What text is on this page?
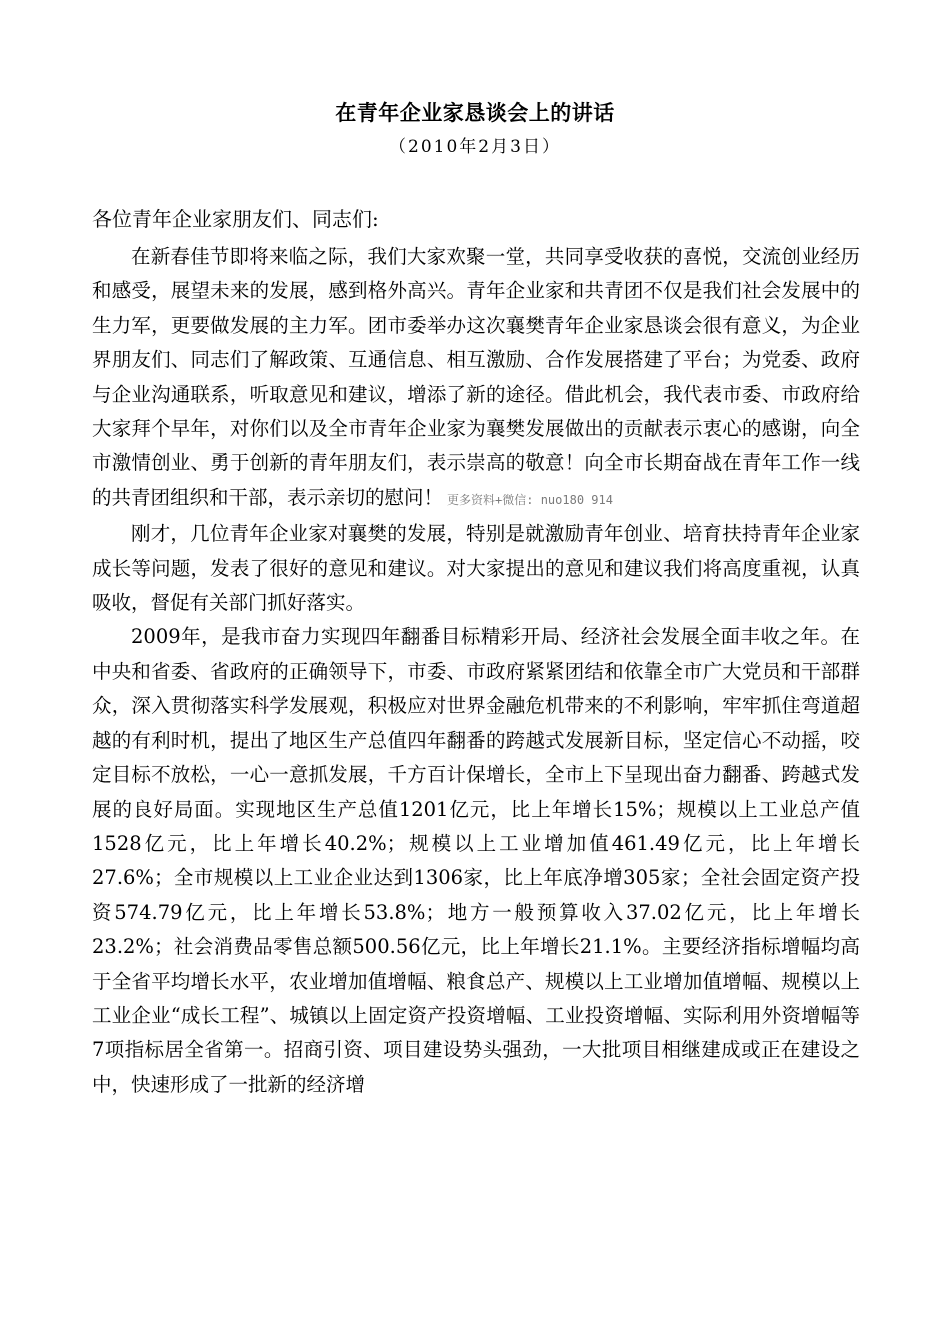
在青年企业家恳谈会上的讲话
（2010年2月3日）
各位青年企业家朋友们、同志们:

在新春佳节即将来临之际，我们大家欢聚一堂，共同享受收获的喜悦，交流创业经历和感受，展望未来的发展，感到格外高兴。青年企业家和共青团不仅是我们社会发展中的生力军，更要做发展的主力军。团市委举办这次襄樊青年企业家恳谈会很有意义，为企业界朋友们、同志们了解政策、互通信息、相互激励、合作发展搭建了平台；为党委、政府与企业沟通联系，听取意见和建议，增添了新的途径。借此机会，我代表市委、市政府给大家拜个早年，对你们以及全市青年企业家为襄樊发展做出的贡献表示衷心的感谢，向全市激情创业、勇于创新的青年朋友们，表示崇高的敬意！向全市长期奋战在青年工作一线的共青团组织和干部，表示亲切的慰问！ 更多资料+微信: nuo180 914

刚才，几位青年企业家对襄樊的发展，特别是就激励青年创业、培育扶持青年企业家成长等问题，发表了很好的意见和建议。对大家提出的意见和建议我们将高度重视，认真吸收，督促有关部门抓好落实。

2009年，是我市奋力实现四年翻番目标精彩开局、经济社会发展全面丰收之年。在中央和省委、省政府的正确领导下，市委、市政府紧紧团结和依靠全市广大党员和干部群众，深入贯彻落实科学发展观，积极应对世界金融危机带来的不利影响，牢牢抓住弯道超越的有利时机，提出了地区生产总值四年翻番的跨越式发展新目标，坚定信心不动摇，咬定目标不放松，一心一意抓发展，千方百计保增长，全市上下呈现出奋力翻番、跨越式发展的良好局面。实现地区生产总值1201亿元，比上年增长15%；规模以上工业总产值1528亿元，比上年增长40.2%；规模以上工业增加值461.49亿元，比上年增长27.6%；全市规模以上工业企业达到1306家，比上年底净增305家；全社会固定资产投资574.79亿元，比上年增长53.8%；地方一般预算收入37.02亿元，比上年增长23.2%；社会消费品零售总额500.56亿元，比上年增长21.1%。主要经济指标增幅均高于全省平均增长水平，农业增加值增幅、粮食总产、规模以上工业增加值增幅、规模以上工业企业“成长工程”、城镇以上固定资产投资增幅、工业投资增幅、实际利用外资增幅等7项指标居全省第一。招商引资、项目建设势头强劲，一大批项目相继建成或正在建设之中，快速形成了一批新的经济增
